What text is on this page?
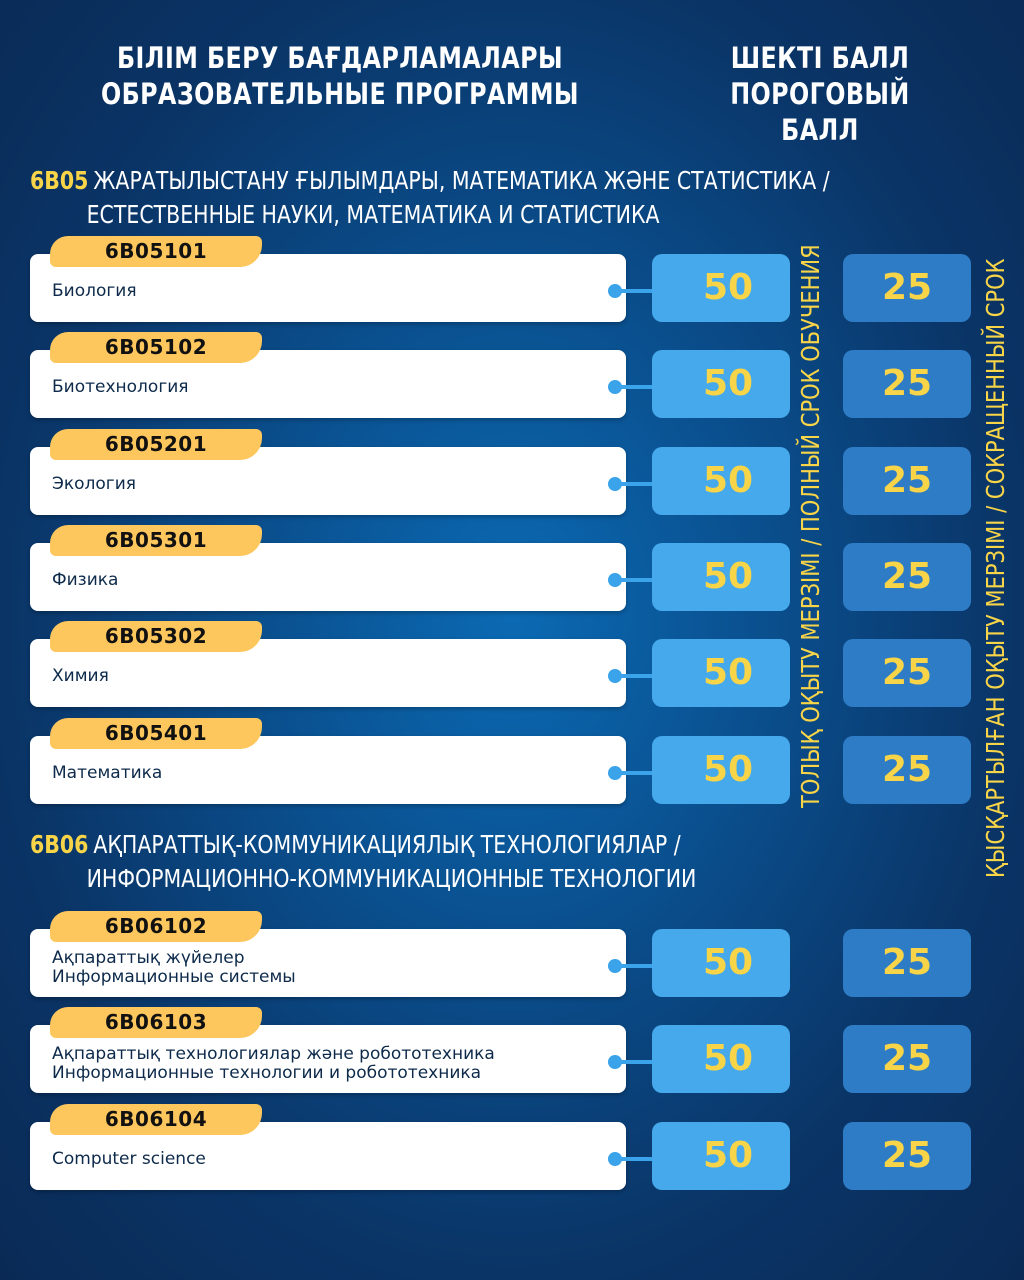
БІЛІМ БЕРУ БАҒДАРЛАМАЛАРЫ
ОБРАЗОВАТЕЛЬНЫЕ ПРОГРАММЫ
ШЕКТІ БАЛЛ
ПОРОГОВЫЙ БАЛЛ
6B05 ЖАРАТЫЛЫСТАНУ ҒЫЛЫМДАРЫ, МАТЕМАТИКА ЖӘНЕ СТАТИСТИКА /
ЕСТЕСТВЕННЫЕ НАУКИ, МАТЕМАТИКА И СТАТИСТИКА
6B05101
Биология	50	25
6B05102
Биотехнология	50	25
6B05201
Экология	50	25
6B05301
Физика	50	25
6B05302
Химия	50	25
6B05401
Математика	50	25
6B06 АҚПАРАТТЫҚ-КОММУНИКАЦИЯЛЫҚ ТЕХНОЛОГИЯЛАР /
ИНФОРМАЦИОННО-КОММУНИКАЦИОННЫЕ ТЕХНОЛОГИИ
6B06102
Ақпараттық жүйелер
Информационные системы	50	25
6B06103
Ақпараттық технологиялар және робототехника
Информационные технологии и робототехника	50	25
6B06104
Computer science	50	25
ТОЛЫҚ ОҚЫТУ МЕРЗІМІ / ПОЛНЫЙ СРОК ОБУЧЕНИЯ	ҚЫСҚАРТЫЛҒАН ОҚЫТУ МЕРЗІМІ / СОКРАЩЕННЫЙ СРОК
